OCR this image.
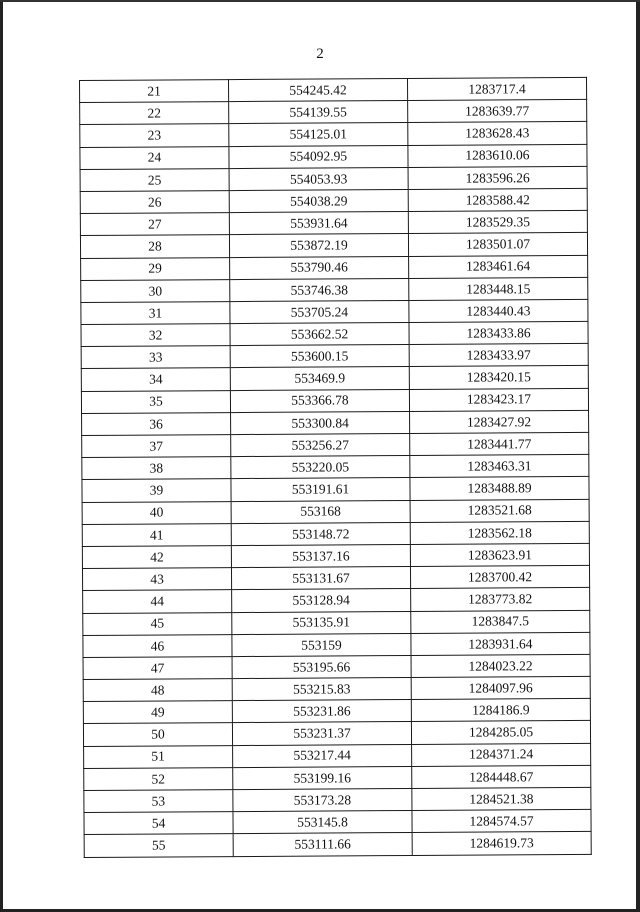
2
21	554245.42	1283717.4
22	554139.55	1283639.77
23	554125.01	1283628.43
24	554092.95	1283610.06
25	554053.93	1283596.26
26	554038.29	1283588.42
27	553931.64	1283529.35
28	553872.19	1283501.07
29	553790.46	1283461.64
30	553746.38	1283448.15
31	553705.24	1283440.43
32	553662.52	1283433.86
33	553600.15	1283433.97
34	553469.9	1283420.15
35	553366.78	1283423.17
36	553300.84	1283427.92
37	553256.27	1283441.77
38	553220.05	1283463.31
39	553191.61	1283488.89
40	553168	1283521.68
41	553148.72	1283562.18
42	553137.16	1283623.91
43	553131.67	1283700.42
44	553128.94	1283773.82
45	553135.91	1283847.5
46	553159	1283931.64
47	553195.66	1284023.22
48	553215.83	1284097.96
49	553231.86	1284186.9
50	553231.37	1284285.05
51	553217.44	1284371.24
52	553199.16	1284448.67
53	553173.28	1284521.38
54	553145.8	1284574.57
55	553111.66	1284619.73
